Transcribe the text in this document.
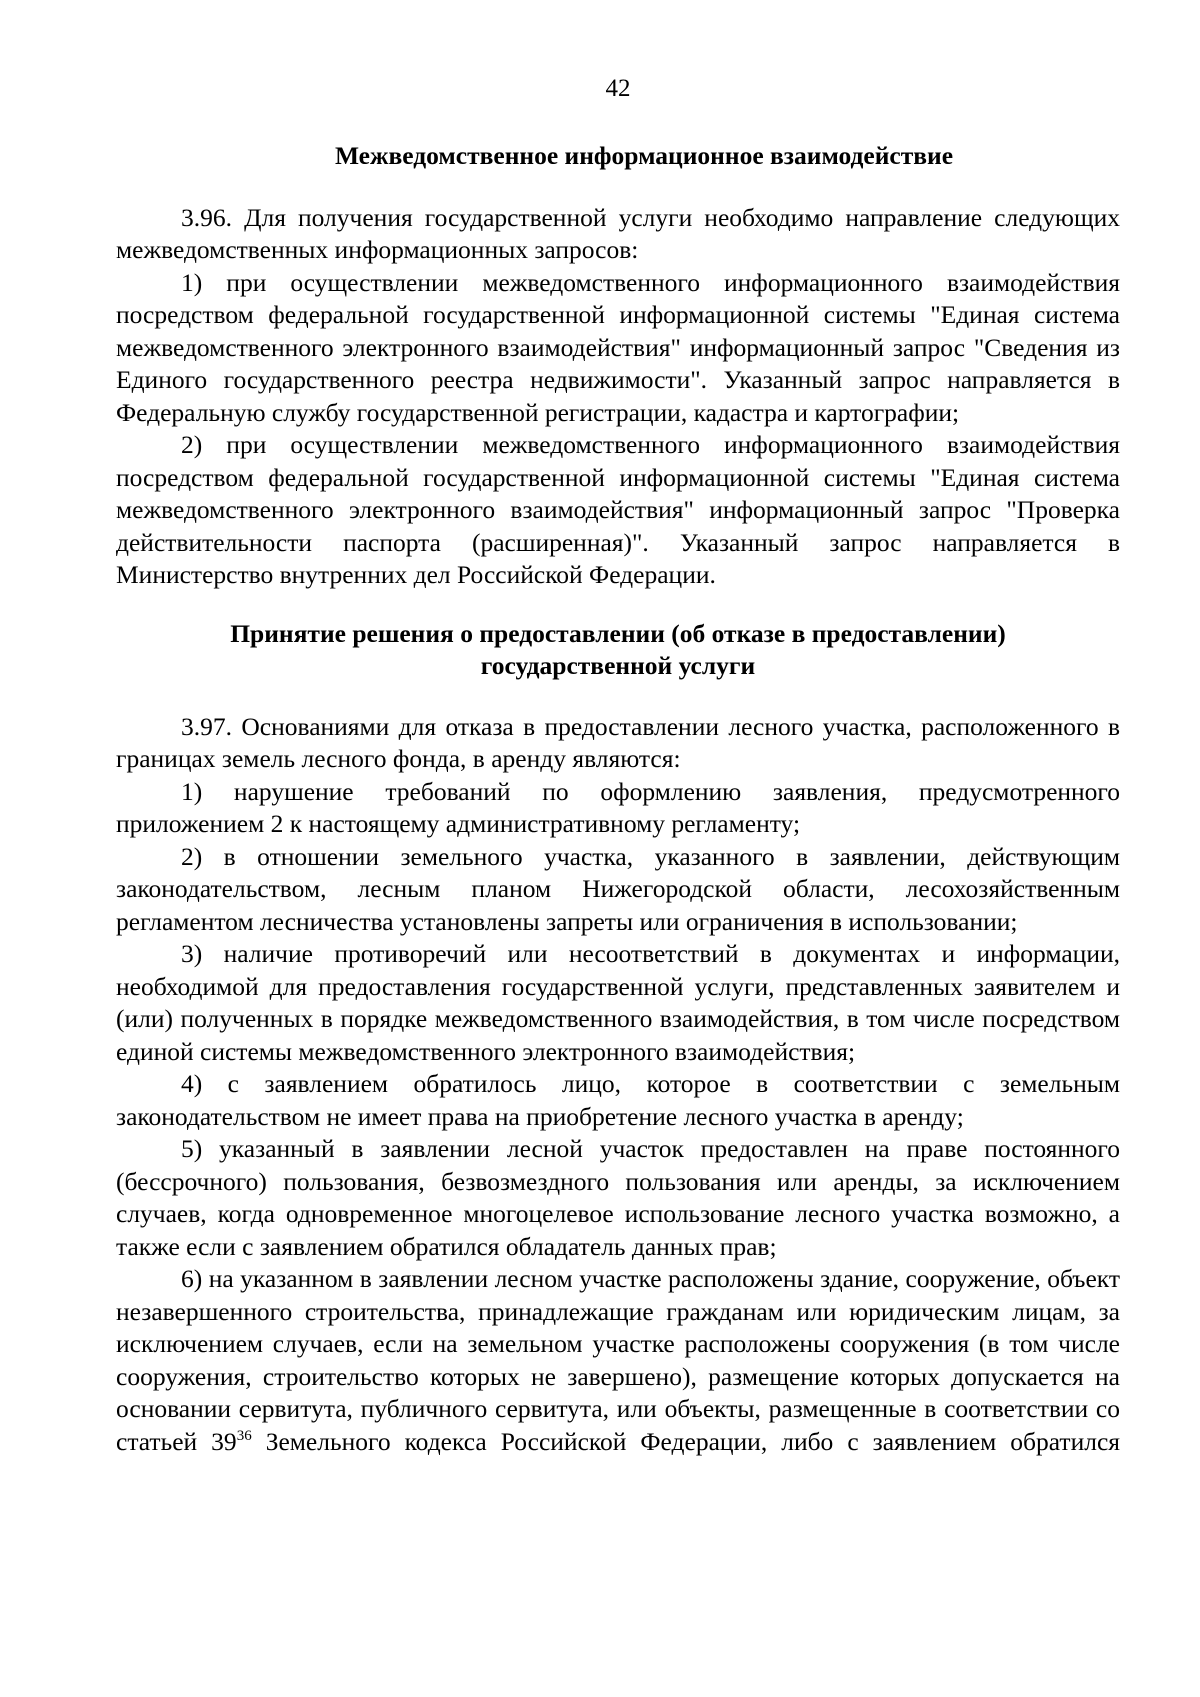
42
Межведомственное информационное взаимодействие

3.96. Для получения государственной услуги необходимо направление следующих межведомственных информационных запросов:

1) при осуществлении межведомственного информационного взаимодействия посредством федеральной государственной информационной системы "Единая система межведомственного электронного взаимодействия" информационный запрос "Сведения из Единого государственного реестра недвижимости". Указанный запрос направляется в Федеральную службу государственной регистрации, кадастра и картографии;

2) при осуществлении межведомственного информационного взаимодействия посредством федеральной государственной информационной системы "Единая система межведомственного электронного взаимодействия" информационный запрос "Проверка действительности паспорта (расширенная)". Указанный запрос направляется в Министерство внутренних дел Российской Федерации.

Принятие решения о предоставлении (об отказе в предоставлении)
государственной услуги

3.97. Основаниями для отказа в предоставлении лесного участка, расположенного в границах земель лесного фонда, в аренду являются:

1) нарушение требований по оформлению заявления, предусмотренного приложением 2 к настоящему административному регламенту;

2) в отношении земельного участка, указанного в заявлении, действующим законодательством, лесным планом Нижегородской области, лесохозяйственным регламентом лесничества установлены запреты или ограничения в использовании;

3) наличие противоречий или несоответствий в документах и информации, необходимой для предоставления государственной услуги, представленных заявителем и (или) полученных в порядке межведомственного взаимодействия, в том числе посредством единой системы межведомственного электронного взаимодействия;

4) с заявлением обратилось лицо, которое в соответствии с земельным законодательством не имеет права на приобретение лесного участка в аренду;

5) указанный в заявлении лесной участок предоставлен на праве постоянного (бессрочного) пользования, безвозмездного пользования или аренды, за исключением случаев, когда одновременное многоцелевое использование лесного участка возможно, а также если с заявлением обратился обладатель данных прав;

6) на указанном в заявлении лесном участке расположены здание, сооружение, объект незавершенного строительства, принадлежащие гражданам или юридическим лицам, за исключением случаев, если на земельном участке расположены сооружения (в том числе сооружения, строительство которых не завершено), размещение которых допускается на основании сервитута, публичного сервитута, или объекты, размещенные в соответствии со статьей $39^{36}$ Земельного кодекса Российской Федерации, либо с заявлением обратился
